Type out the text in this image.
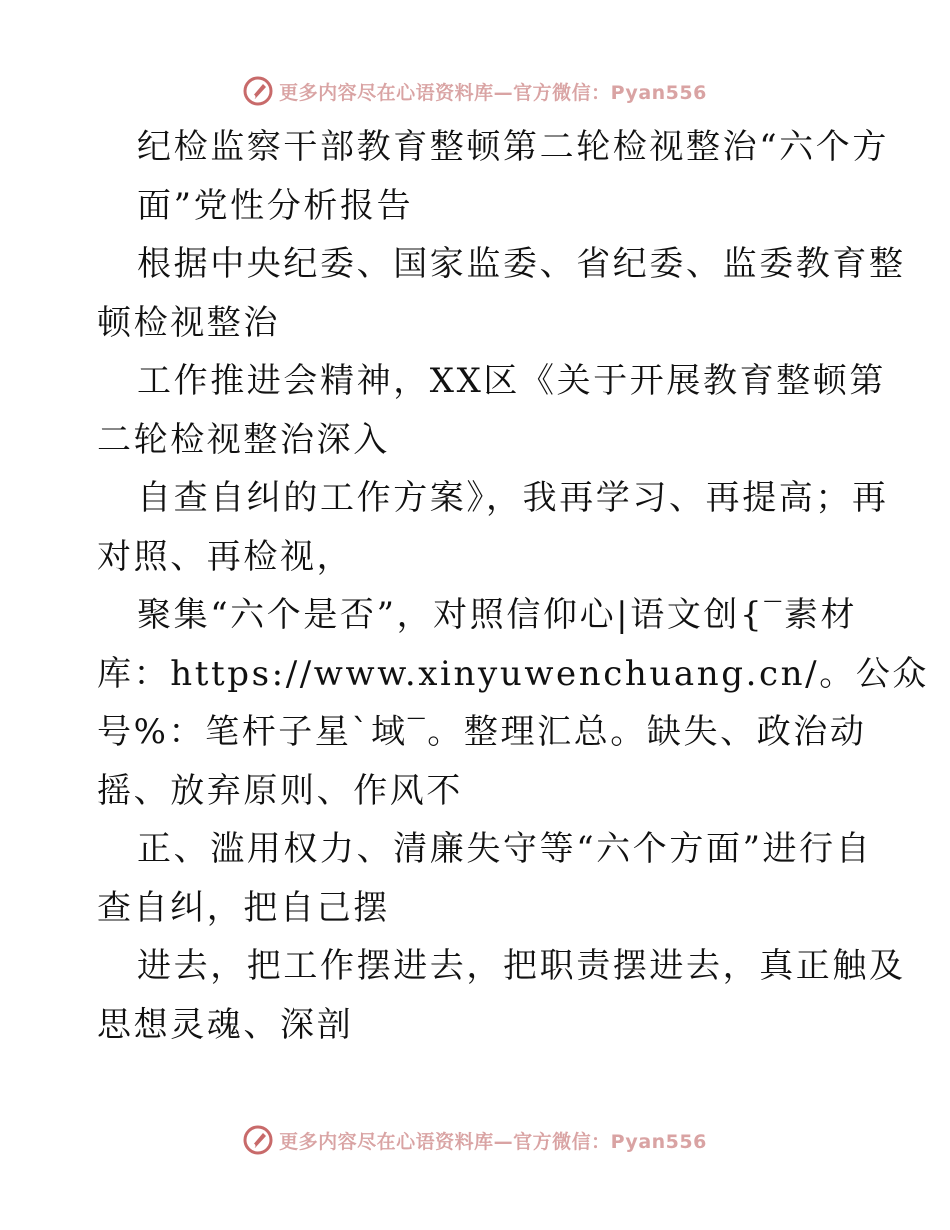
更多内容尽在心语资料库—官方微信：Pyan556
纪检监察干部教育整顿第二轮检视整治“六个方
面”党性分析报告
根据中央纪委、国家监委、省纪委、监委教育整
顿检视整治
工作推进会精神，XX区《关于开展教育整顿第
二轮检视整治深入
自查自纠的工作方案》，我再学习、再提高；再
对照、再检视，
聚集“六个是否”，对照信仰心|语文创{‾素材
库：https://www.xinyuwenchuang.cn/。公众
号%：笔杆子星`域‾。整理汇总。缺失、政治动
摇、放弃原则、作风不
正、滥用权力、清廉失守等“六个方面”进行自
查自纠，把自己摆
进去，把工作摆进去，把职责摆进去，真正触及
思想灵魂、深剖
更多内容尽在心语资料库—官方微信：Pyan556
